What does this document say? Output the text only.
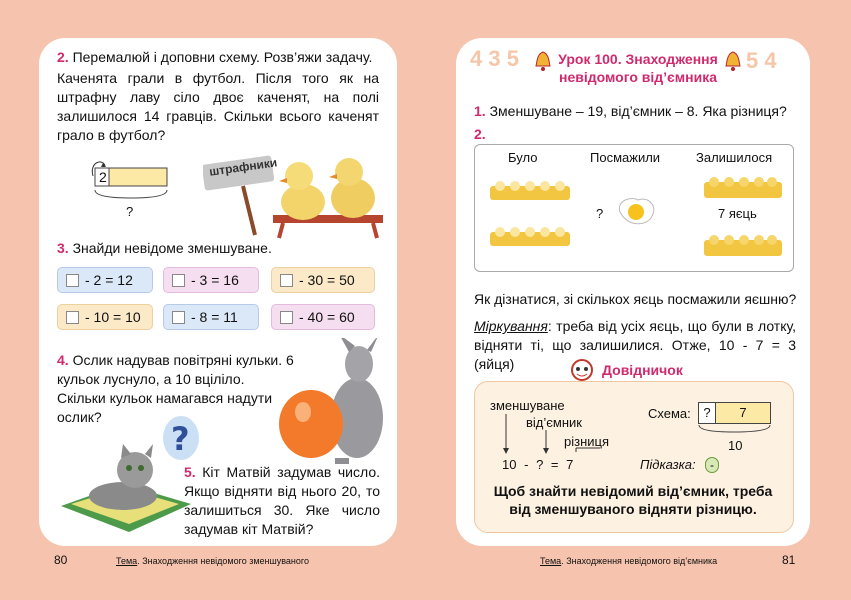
2. Перемалюй і доповни схему. Розв’яжи задачу.
Каченята грали в футбол. Після того як на штрафну лаву сіло двоє каченят, на полі залишилося 14 гравців. Скільки всього каченят грало в футбол?
2
?
штрафники
3. Знайди невідоме зменшуване.
- 2 = 12	- 3 = 16	- 30 = 50
- 10 = 10	- 8 = 11	- 40 = 60
4. Ослик надував повітряні кульки. 6 кульок луснуло, а 10 вціліло. Скільки кульок намагався надути ослик?
?
5. Кіт Матвій задумав число. Якщо відняти від нього 20, то залишиться 30. Яке число задумав кіт Матвій?
80	Тема. Знаходження невідомого зменшуваного
4 3 5	5 4
Урок 100. Знаходження невідомого від’ємника
1. Зменшуване – 19, від’ємник – 8. Яка різниця?
2.
Було	Посмажили	Залишилося
?	7 яєць
Як дізнатися, зі скількох яєць посмажили яєшню?
Міркування: треба від усіх яєць, що були в лотку, відняти ті, що залишилися. Отже, 10 - 7 = 3 (яйця)	Довідничок
зменшуване
від’ємник
різниця
10 - ? = 7
Схема: ?	7
10
Підказка:	-
Щоб знайти невідомий від’ємник, треба від зменшуваного відняти різницю.
Тема. Знаходження невідомого від’ємника	81
